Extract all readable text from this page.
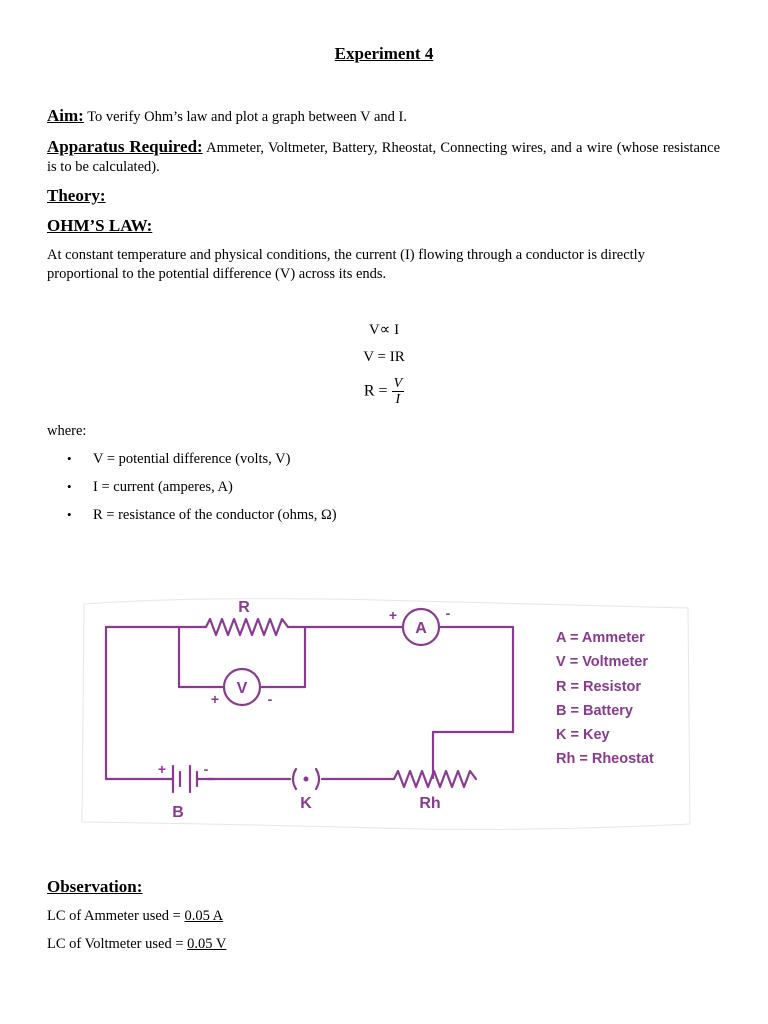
Experiment 4
Aim: To verify Ohm’s law and plot a graph between V and I.
Apparatus Required: Ammeter, Voltmeter, Battery, Rheostat, Connecting wires, and a wire (whose resistance is to be calculated).
Theory:
OHM’S LAW:
At constant temperature and physical conditions, the current (I) flowing through a conductor is directly proportional to the potential difference (V) across its ends.
V∝ I
V = IR
$R = \frac{V}{I}$
where:
• V = potential difference (volts, V)
• I = current (amperes, A)
• R = resistance of the conductor (ohms, Ω)
R
A
V
B
K	Rh
+	-
+	-
+	-
A = Ammeter
V = Voltmeter
R = Resistor
B = Battery
K = Key
Rh = Rheostat
Observation:
LC of Ammeter used = 0.05 A
LC of Voltmeter used = 0.05 V
